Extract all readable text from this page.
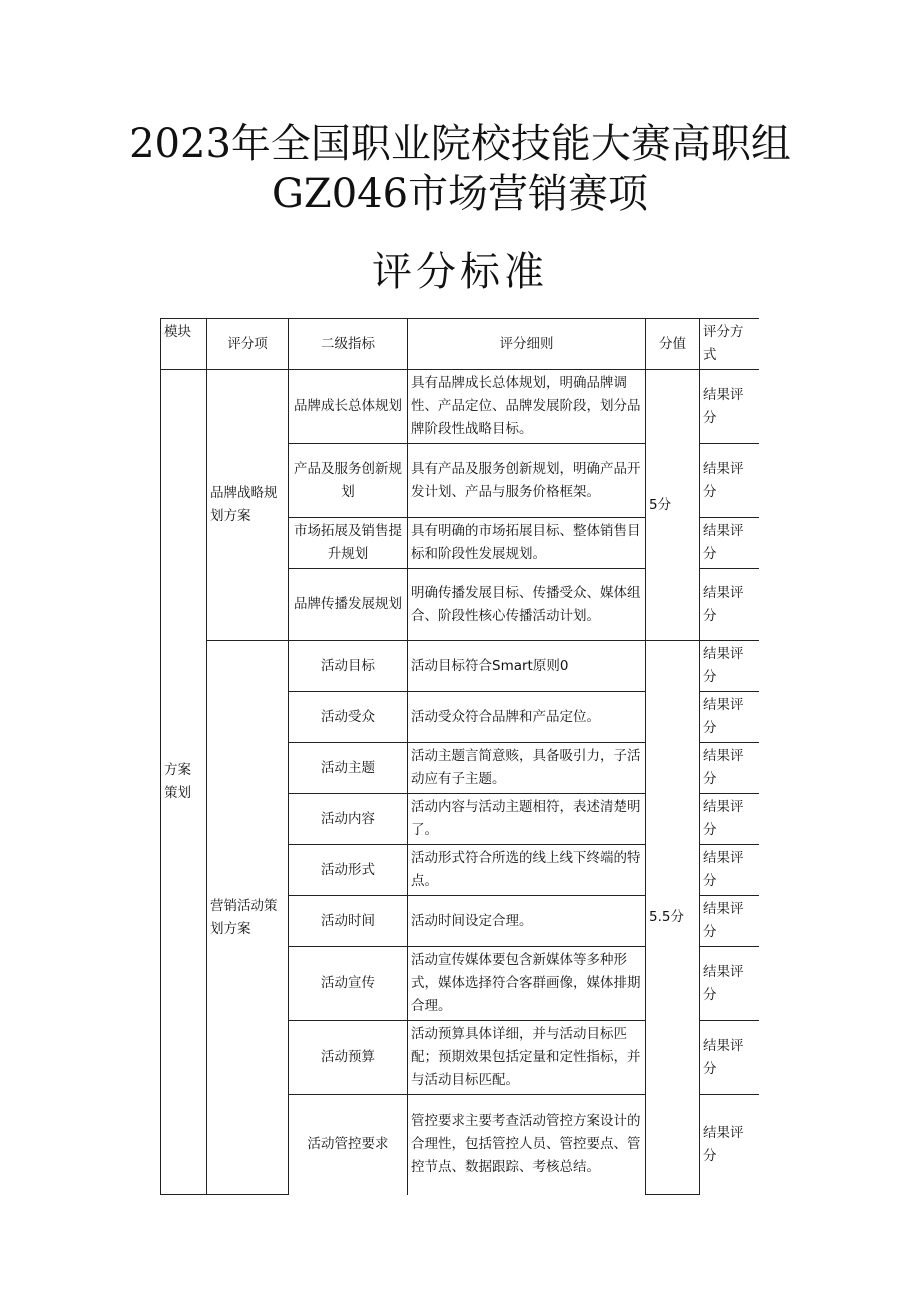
2023年全国职业院校技能大赛高职组
GZ046市场营销赛项
评分标准
模块	评分项	二级指标	评分细则	分值	评分方式
方案策划	品牌战略规划方案	品牌成长总体规划	具有品牌成长总体规划，明确品牌调性、产品定位、品牌发展阶段，划分品牌阶段性战略目标。	5分	结果评分
		产品及服务创新规划	具有产品及服务创新规划，明确产品开发计划、产品与服务价格框架。		结果评分
		市场拓展及销售提升规划	具有明确的市场拓展目标、整体销售目标和阶段性发展规划。		结果评分
		品牌传播发展规划	明确传播发展目标、传播受众、媒体组合、阶段性核心传播活动计划。		结果评分
	营销活动策划方案	活动目标	活动目标符合Smart原则0	5.5分	结果评分
		活动受众	活动受众符合品牌和产品定位。		结果评分
		活动主题	活动主题言简意赅，具备吸引力，子活动应有子主题。		结果评分
		活动内容	活动内容与活动主题相符，表述清楚明了。		结果评分
		活动形式	活动形式符合所选的线上线下终端的特点。		结果评分
		活动时间	活动时间设定合理。		结果评分
		活动宣传	活动宣传媒体要包含新媒体等多种形式，媒体选择符合客群画像，媒体排期合理。		结果评分
		活动预算	活动预算具体详细，并与活动目标匹配；预期效果包括定量和定性指标，并与活动目标匹配。		结果评分
		活动管控要求	管控要求主要考查活动管控方案设计的合理性，包括管控人员、管控要点、管控节点、数据跟踪、考核总结。		结果评分
